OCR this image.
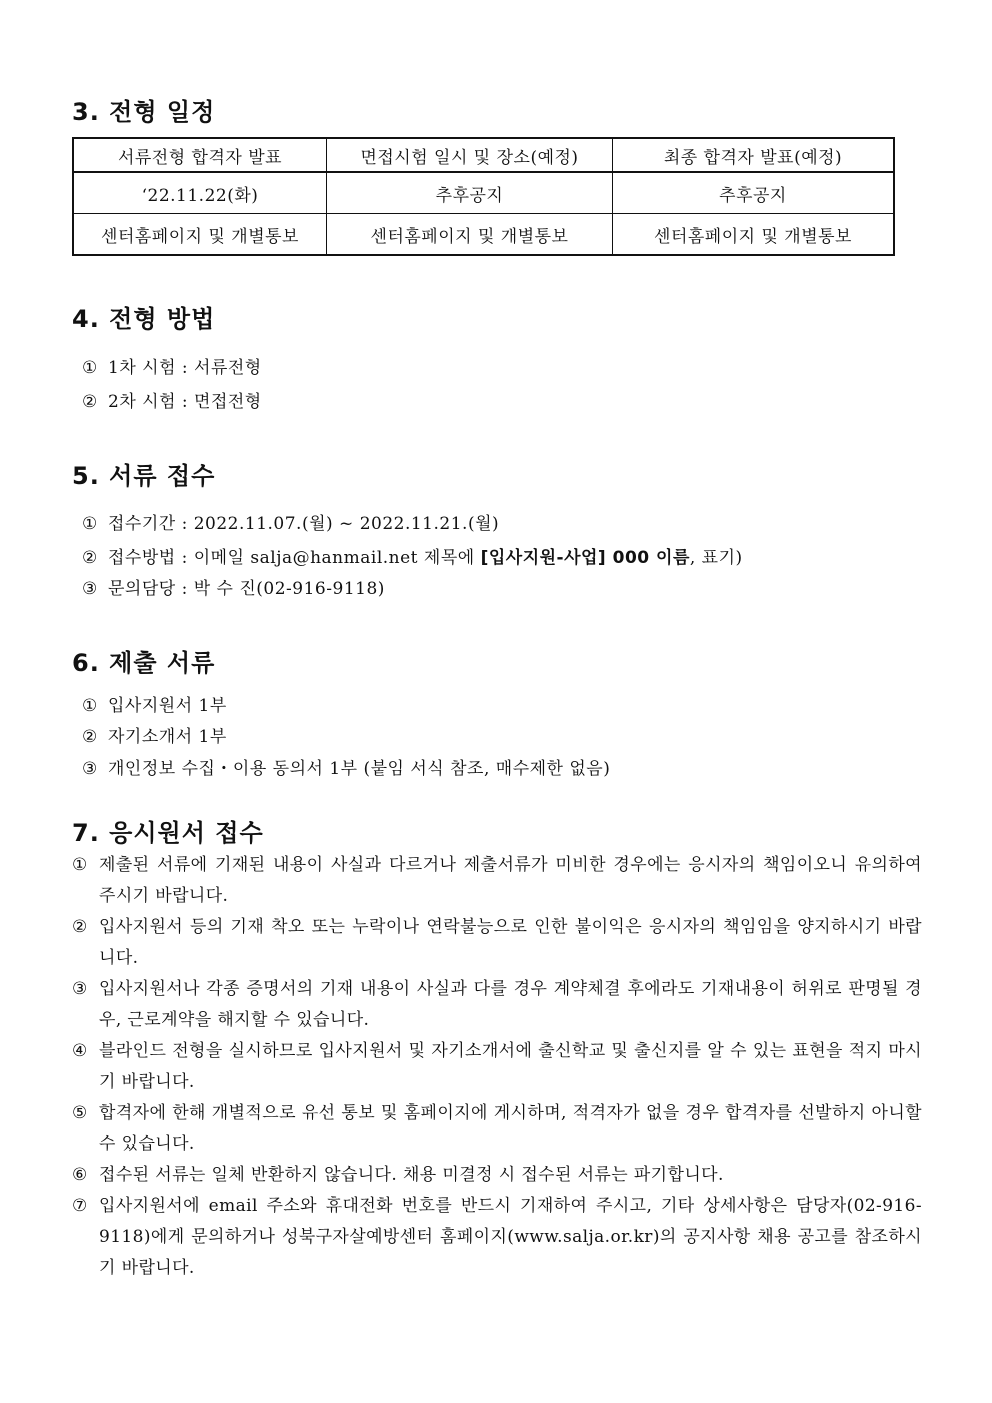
3. 전형 일정
서류전형 합격자 발표	면접시험 일시 및 장소(예정)	최종 합격자 발표(예정)
‘22.11.22(화)	추후공지	추후공지
센터홈페이지 및 개별통보	센터홈페이지 및 개별통보	센터홈페이지 및 개별통보
4. 전형 방법
① 1차 시험 : 서류전형
② 2차 시험 : 면접전형
5. 서류 접수
① 접수기간 : 2022.11.07.(월) ~ 2022.11.21.(월)
② 접수방법 : 이메일 salja@hanmail.net 제목에 [입사지원-사업] 000 이름, 표기)
③ 문의담당 : 박 수 진(02-916-9118)
6. 제출 서류
① 입사지원서 1부
② 자기소개서 1부
③ 개인정보 수집・이용 동의서 1부 (붙임 서식 참조, 매수제한 없음)
7. 응시원서 접수
① 제출된 서류에 기재된 내용이 사실과 다르거나 제출서류가 미비한 경우에는 응시자의 책임이오니 유의하여 주시기 바랍니다.
② 입사지원서 등의 기재 착오 또는 누락이나 연락불능으로 인한 불이익은 응시자의 책임임을 양지하시기 바랍니다.
③ 입사지원서나 각종 증명서의 기재 내용이 사실과 다를 경우 계약체결 후에라도 기재내용이 허위로 판명될 경우, 근로계약을 해지할 수 있습니다.
④ 블라인드 전형을 실시하므로 입사지원서 및 자기소개서에 출신학교 및 출신지를 알 수 있는 표현을 적지 마시기 바랍니다.
⑤ 합격자에 한해 개별적으로 유선 통보 및 홈페이지에 게시하며, 적격자가 없을 경우 합격자를 선발하지 아니할 수 있습니다.
⑥ 접수된 서류는 일체 반환하지 않습니다. 채용 미결정 시 접수된 서류는 파기합니다.
⑦ 입사지원서에 email 주소와 휴대전화 번호를 반드시 기재하여 주시고, 기타 상세사항은 담당자(02-916-9118)에게 문의하거나 성북구자살예방센터 홈페이지(www.salja.or.kr)의 공지사항 채용 공고를 참조하시기 바랍니다.
